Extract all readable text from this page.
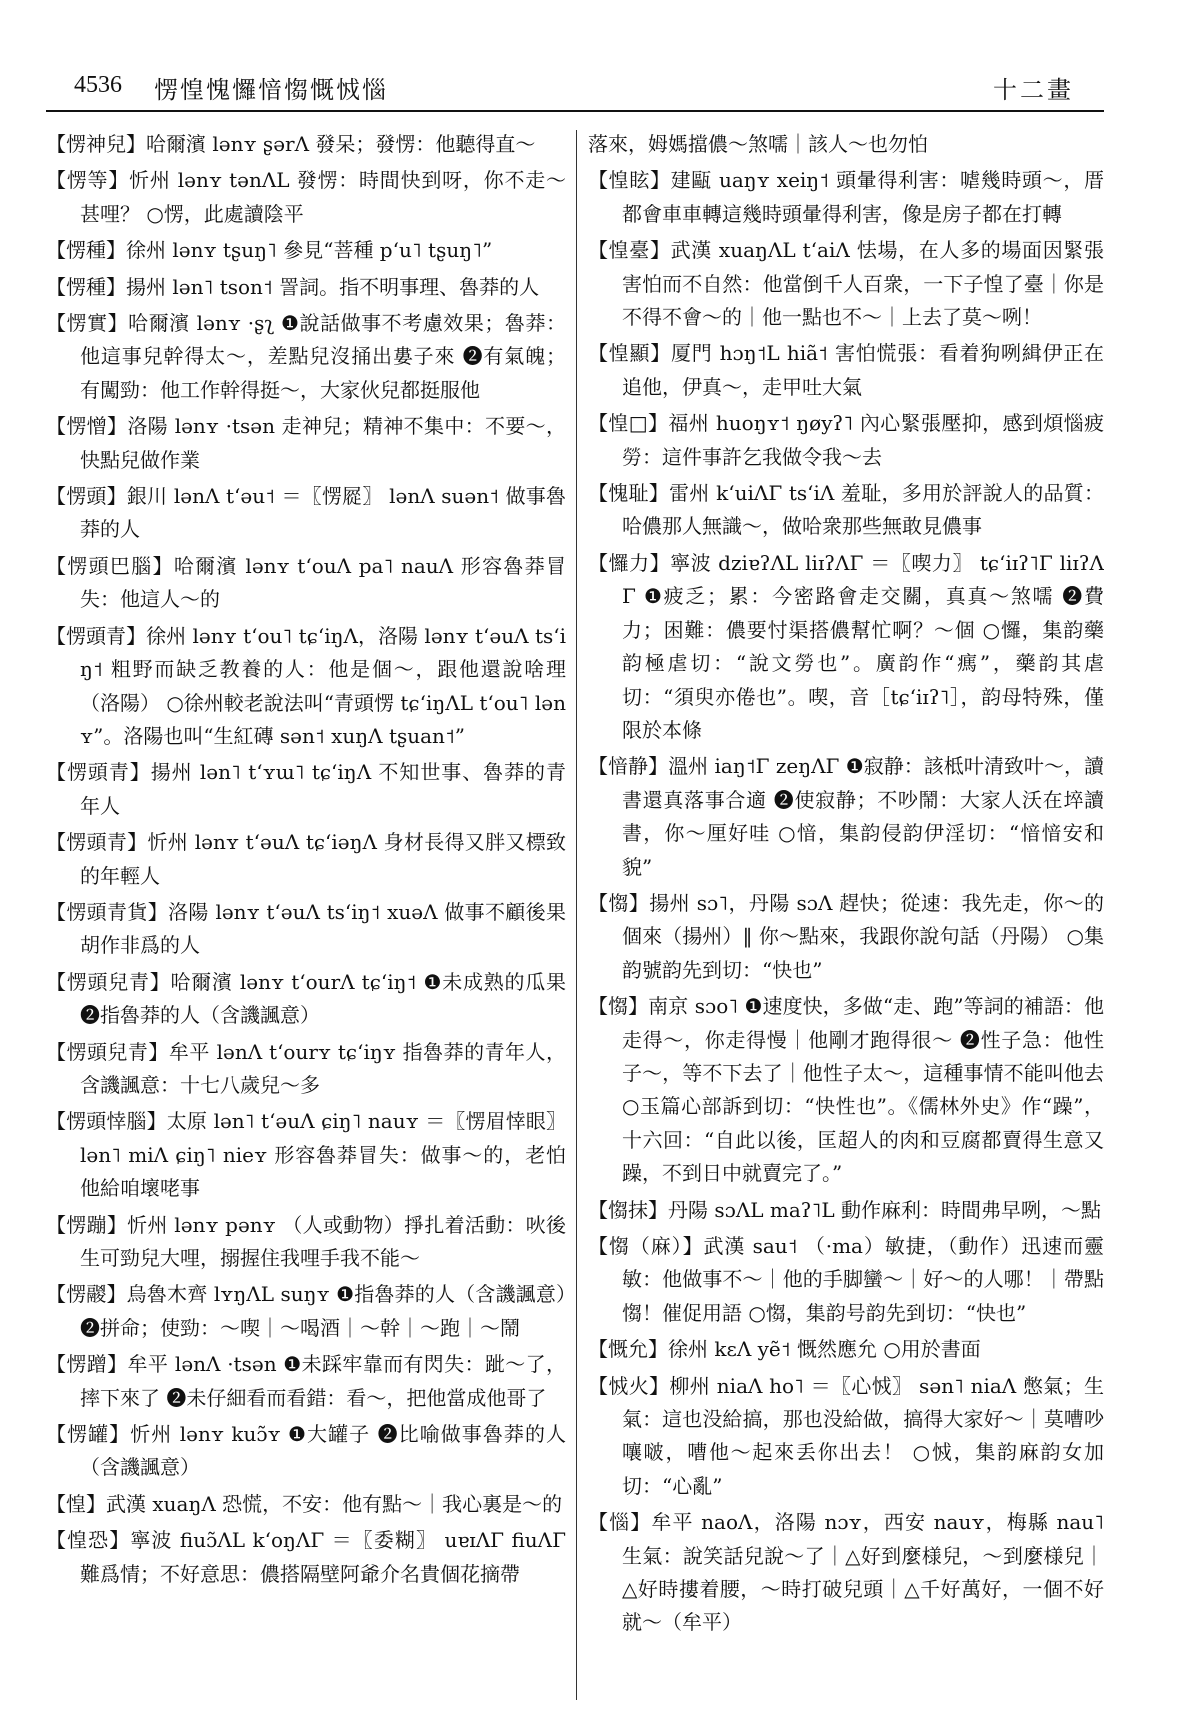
4536 愣惶愧㦬愔㥮慨㤜惱	十二畫

【愣神兒】哈爾濱 lənʏ ʂərɅ 發呆；發愣：他聽得直～

【愣等】忻州 lənʏ tənɅL 發愣：時間快到呀，你不走～甚哩？ ○愣，此處讀陰平

【愣種】徐州 lənʏ tʂuŋ˥ 參見“菩種 pʻu˥ tʂuŋ˥”

【愣種】揚州 lən˥ tson˦ 詈詞。指不明事理、魯莽的人

【愣實】哈爾濱 lənʏ ·ʂʅ ❶說話做事不考慮效果；魯莽：他這事兒幹得太～，差點兒沒捅出婁子來 ❷有氣魄；有闖勁：他工作幹得挺～，大家伙兒都挺服他

【愣憎】洛陽 lənʏ ·tsən 走神兒；精神不集中：不要～，快點兒做作業

【愣頭】銀川 lənɅ tʻəu˦ ＝〖愣㞞〗 lənɅ suən˦ 做事魯莽的人

【愣頭巴腦】哈爾濱 lənʏ tʻouɅ pa˥ nauɅ 形容魯莽冒失：他這人～的

【愣頭青】徐州 lənʏ tʻou˥ tɕʻiŋɅ，洛陽 lənʏ tʻəuɅ tsʻiŋ˦ 粗野而缺乏教養的人：他是個～，跟他還說啥理（洛陽） ○徐州較老說法叫“青頭愣 tɕʻiŋɅL tʻou˥ lənʏ”。洛陽也叫“生紅磚 sən˦ xuŋɅ tʂuan˦”

【愣頭青】揚州 lən˥ tʻʏɯ˥ tɕʻiŋɅ 不知世事、魯莽的青年人

【愣頭青】忻州 lənʏ tʻəuɅ tɕʻiəŋɅ 身材長得又胖又標致的年輕人

【愣頭青貨】洛陽 lənʏ tʻəuɅ tsʻiŋ˦ xuəɅ 做事不顧後果胡作非爲的人

【愣頭兒青】哈爾濱 lənʏ tʻourɅ tɕʻiŋ˦ ❶未成熟的瓜果 ❷指魯莽的人（含譏諷意）

【愣頭兒青】牟平 lənɅ tʻourʏ tɕʻiŋʏ 指魯莽的青年人，含譏諷意：十七八歲兒～多

【愣頭悻腦】太原 lən˥ tʻəuɅ ɕiŋ˥ nauʏ ＝〖愣眉悻眼〗 lən˥ miɅ ɕiŋ˥ nieʏ 形容魯莽冒失：做事～的，老怕他給咱壞咾事

【愣蹦】忻州 lənʏ pənʏ （人或動物）掙扎着活動：吙後生可勁兒大哩，搦握住我哩手我不能～

【愣鬷】烏魯木齊 lʏŋɅL suŋʏ ❶指魯莽的人（含譏諷意）❷拼命；使勁：～喫｜～喝酒｜～幹｜～跑｜～鬧

【愣蹭】牟平 lənɅ ·tsən ❶未踩牢靠而有閃失：跐～了，摔下來了 ❷未仔細看而看錯：看～，把他當成他哥了

【愣罐】忻州 lənʏ kuɔ̃ʏ ❶大罐子 ❷比喻做事魯莽的人（含譏諷意）

【惶】武漢 xuaŋɅ 恐慌，不安：他有點～｜我心裏是～的

【惶恐】寧波 fiuɔ̃ɅL kʻoŋɅΓ ＝〖委糊〗 uɐɪɅΓ fiuɅΓ 難爲情；不好意思：儂搭隔壁阿爺介名貴個花摘帶

落來，姆媽擋儂～煞嚅｜該人～也勿怕

【惶眩】建甌 uaŋʏ xeiŋ˦ 頭暈得利害：㖸幾時頭～，厝都會車車轉這幾時頭暈得利害，像是房子都在打轉

【惶臺】武漢 xuaŋɅL tʻaiɅ 怯場，在人多的場面因緊張害怕而不自然：他當倒千人百衆，一下子惶了臺｜你是不得不會～的｜他一點也不～｜上去了莫～咧！

【惶顯】厦門 hɔŋ˦L hiã˦ 害怕慌張：看着狗咧緝伊正在追他，伊真～，走甲吐大氣

【惶□】福州 huoŋʏ˦ ŋøyʔ˥ 內心緊張壓抑，感到煩惱疲勞：這件事許乞我做令我～去

【愧耻】雷州 kʻuiɅΓ tsʻiɅ 羞耻，多用於評說人的品質：哈儂那人無識～，做哈衆那些無敢見儂事

【㦬力】寧波 dziɐʔɅL liɪʔɅΓ ＝〖喫力〗 tɕʻiɪʔ˥Γ liɪʔɅΓ ❶疲乏；累：今密路會走交關，真真～煞嚅 ❷費力；困難：儂要忖渠搭儂幫忙啊？～個 ○㦬，集韵藥韵極虐切：“說文勞也”。廣韵作“㾺”，藥韵其虐切：“須臾亦倦也”。喫，音［tɕʻiɪʔ˥］，韵母特殊，僅限於本條

【愔静】溫州 iaŋ˦Γ zeŋɅΓ ❶寂静：該柢叶清致叶～，讀書還真落事合適 ❷使寂静；不吵鬧：大家人沃在埣讀書，你～厘好哇 ○愔，集韵侵韵伊淫切：“愔愔安和貌”

【㥮】揚州 sɔ˥，丹陽 sɔɅ 趕快；從速：我先走，你～的個來（揚州）‖ 你～點來，我跟你說句話（丹陽） ○集韵號韵先到切：“快也”

【㥮】南京 sɔo˥ ❶速度快，多做“走、跑”等詞的補語：他走得～，你走得慢｜他剛才跑得很～ ❷性子急：他性子～，等不下去了｜他性子太～，這種事情不能叫他去 ○玉篇心部訴到切：“快性也”。《儒林外史》作“躁”，十六回：“自此以後，匡超人的肉和豆腐都賣得生意又躁，不到日中就賣完了。”

【㥮抹】丹陽 sɔɅL maʔ˥L 動作麻利：時間弗早咧，～點

【㥮（麻）】武漢 sau˦ （·ma）敏捷，（動作）迅速而靈敏：他做事不～｜他的手脚蠻～｜好～的人哪！｜帶點㥮！催促用語 ○㥮，集韵号韵先到切：“快也”

【慨允】徐州 kɛɅ yẽ˦ 慨然應允 ○用於書面

【㤜火】柳州 niaɅ ho˥ ＝〖心㤜〗 sən˥ niaɅ 憋氣；生氣：這也没給搞，那也没給做，搞得大家好～｜莫嘈吵嚷啵，嘈他～起來丢你出去！ ○㤜，集韵麻韵女加切：“心亂”

【惱】牟平 naoɅ，洛陽 nɔʏ，西安 nauʏ，梅縣 nau˥ 生氣：說笑話兒說～了｜△好到麼様兒，～到麼様兒｜△好時摟着腰，～時打破兒頭｜△千好萬好，一個不好就～（牟平）
